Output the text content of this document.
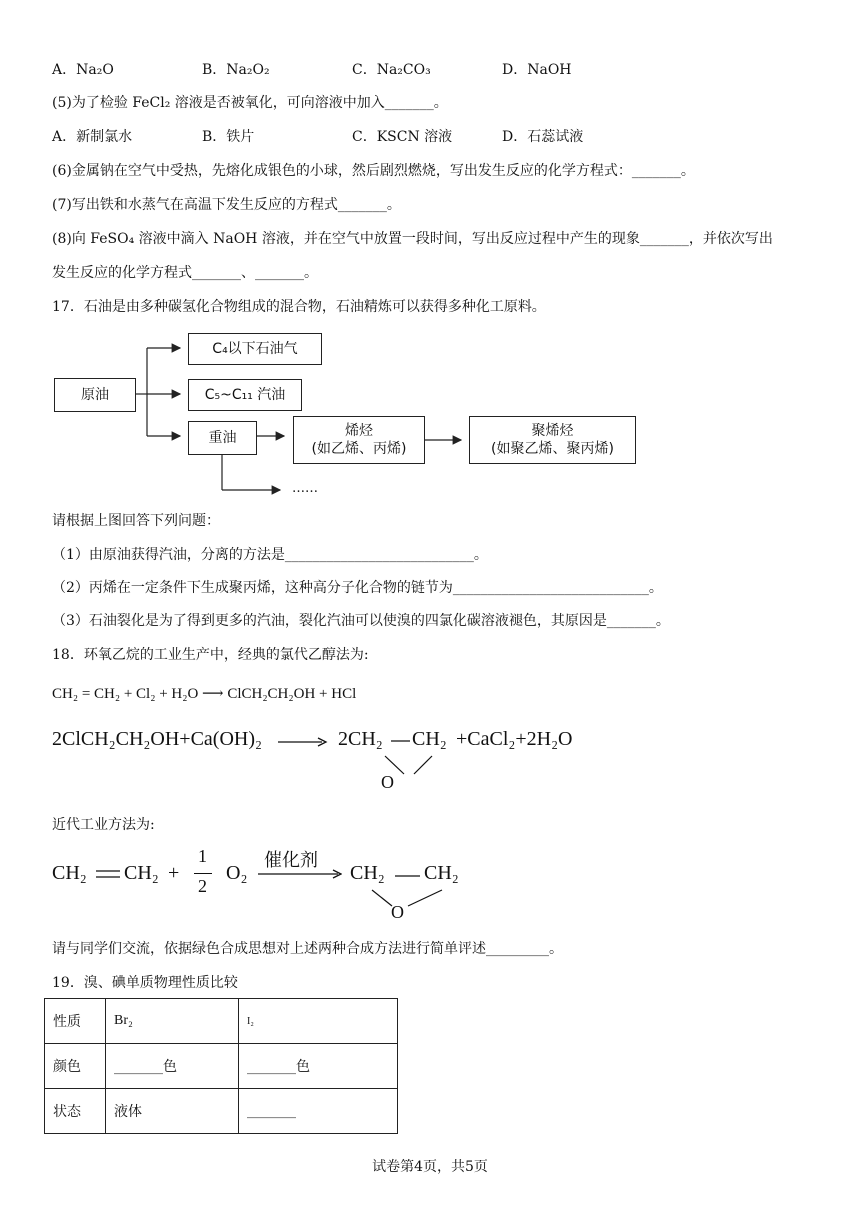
A．Na₂O	B．Na₂O₂	C．Na₂CO₃	D．NaOH
(5)为了检验 FeCl₂ 溶液是否被氧化，可向溶液中加入_______。
A．新制氯水	B．铁片	C．KSCN 溶液	D．石蕊试液
(6)金属钠在空气中受热，先熔化成银色的小球，然后剧烈燃烧，写出发生反应的化学方程式：_______。
(7)写出铁和水蒸气在高温下发生反应的方程式_______。
(8)向 FeSO₄ 溶液中滴入 NaOH 溶液，并在空气中放置一段时间，写出反应过程中产生的现象_______，并依次写出
发生反应的化学方程式_______、_______。
17．石油是由多种碳氢化合物组成的混合物，石油精炼可以获得多种化工原料。
原油
C₄以下石油气
C₅~C₁₁ 汽油
重油	烯烃
(如乙烯、丙烯)
聚烯烃
(如聚乙烯、聚丙烯)
……
请根据上图回答下列问题：
（1）由原油获得汽油，分离的方法是___________________________。
（2）丙烯在一定条件下生成聚丙烯，这种高分子化合物的链节为____________________________。
（3）石油裂化是为了得到更多的汽油，裂化汽油可以使溴的四氯化碳溶液褪色，其原因是_______。
18．环氧乙烷的工业生产中，经典的氯代乙醇法为:
CH₂ = CH₂ + Cl₂ + H₂O ⟶ ClCH₂CH₂OH + HCl
2ClCH₂CH₂OH+Ca(OH)₂ → 2CH₂ CH₂
O
+CaCl₂+2H₂O
近代工业方法为:
CH₂ CH₂ +
1
2
O₂
催化剂
CH₂ CH₂
O
请与同学们交流，依据绿色合成思想对上述两种合成方法进行简单评述_________。
19．溴、碘单质物理性质比较
性质	Br₂	I₂
颜色	_______色	_______色
状态	液体	_______
试卷第4页，共5页
